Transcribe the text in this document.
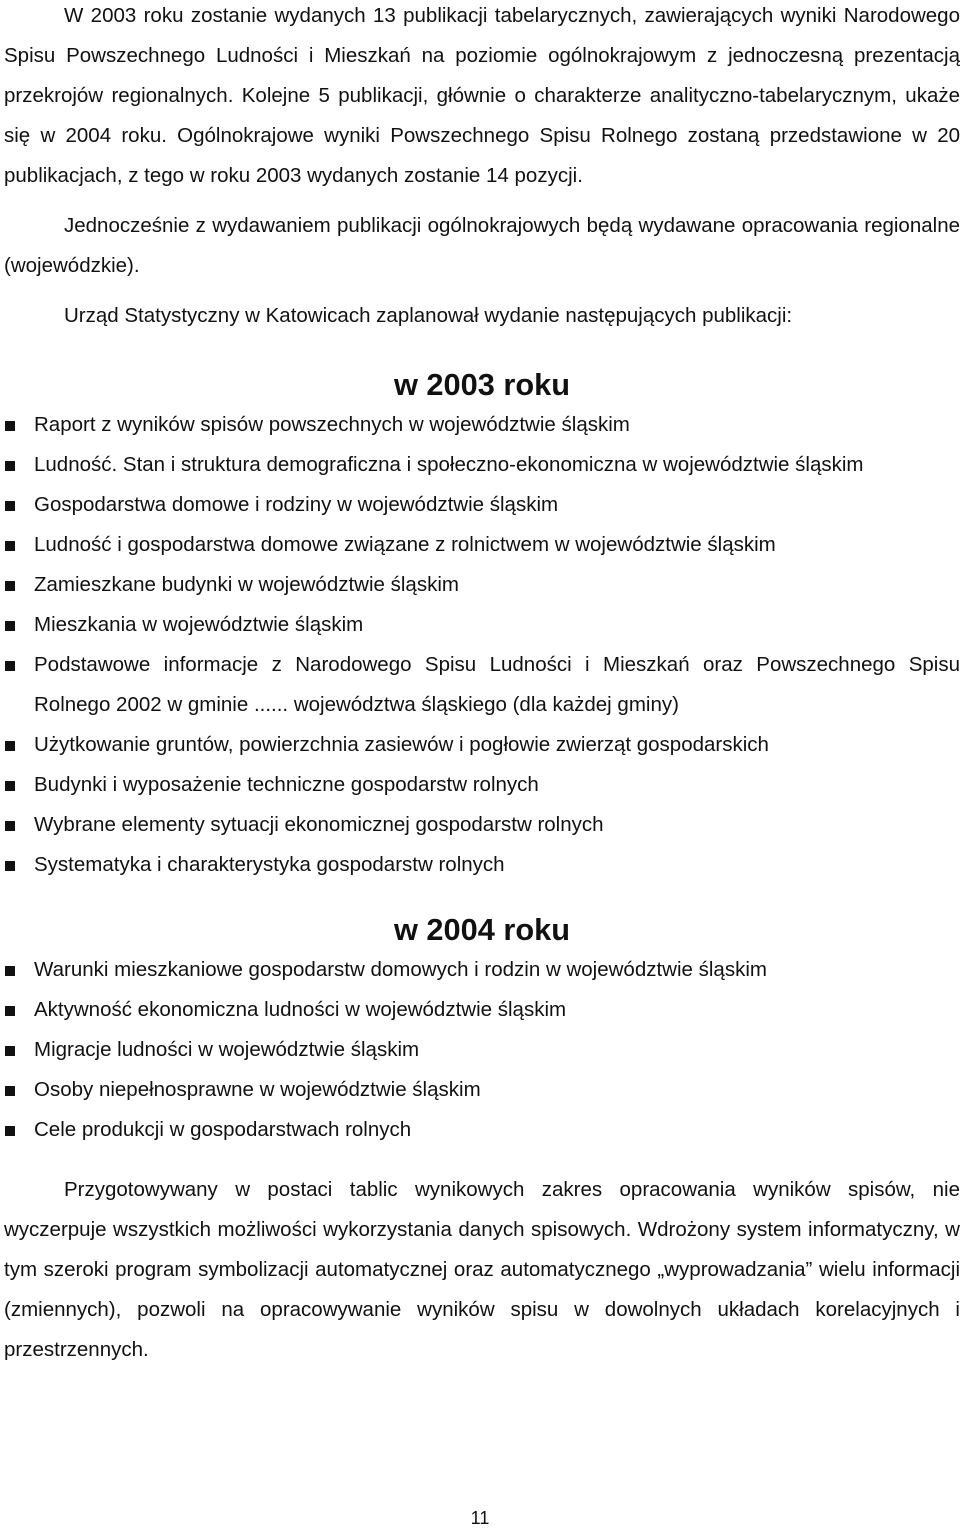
W 2003 roku zostanie wydanych 13 publikacji tabelarycznych, zawierających wyniki Narodowego Spisu Powszechnego Ludności i Mieszkań na poziomie ogólnokrajowym z jednoczesną prezentacją przekrojów regionalnych. Kolejne 5 publikacji, głównie o charakterze analityczno-tabelarycznym, ukaże się w 2004 roku. Ogólnokrajowe wyniki Powszechnego Spisu Rolnego zostaną przedstawione w 20 publikacjach, z tego w roku 2003 wydanych zostanie 14 pozycji.

Jednocześnie z wydawaniem publikacji ogólnokrajowych będą wydawane opracowania regionalne (wojewódzkie).

Urząd Statystyczny w Katowicach zaplanował wydanie następujących publikacji:

w 2003 roku
Raport z wyników spisów powszechnych w województwie śląskim
Ludność. Stan i struktura demograficzna i społeczno-ekonomiczna w województwie śląskim
Gospodarstwa domowe i rodziny w województwie śląskim
Ludność i gospodarstwa domowe związane z rolnictwem w województwie śląskim
Zamieszkane budynki w województwie śląskim
Mieszkania w województwie śląskim
Podstawowe informacje z Narodowego Spisu Ludności i Mieszkań oraz Powszechnego Spisu Rolnego 2002 w gminie ...... województwa śląskiego (dla każdej gminy)
Użytkowanie gruntów, powierzchnia zasiewów i pogłowie zwierząt gospodarskich
Budynki i wyposażenie techniczne gospodarstw rolnych
Wybrane elementy sytuacji ekonomicznej gospodarstw rolnych
Systematyka i charakterystyka gospodarstw rolnych
w 2004 roku
Warunki mieszkaniowe gospodarstw domowych i rodzin w województwie śląskim
Aktywność ekonomiczna ludności w województwie śląskim
Migracje ludności w województwie śląskim
Osoby niepełnosprawne w województwie śląskim
Cele produkcji w gospodarstwach rolnych

Przygotowywany w postaci tablic wynikowych zakres opracowania wyników spisów, nie wyczerpuje wszystkich możliwości wykorzystania danych spisowych. Wdrożony system informatyczny, w tym szeroki program symbolizacji automatycznej oraz automatycznego „wyprowadzania” wielu informacji (zmiennych), pozwoli na opracowywanie wyników spisu w dowolnych układach korelacyjnych i przestrzennych.

11
